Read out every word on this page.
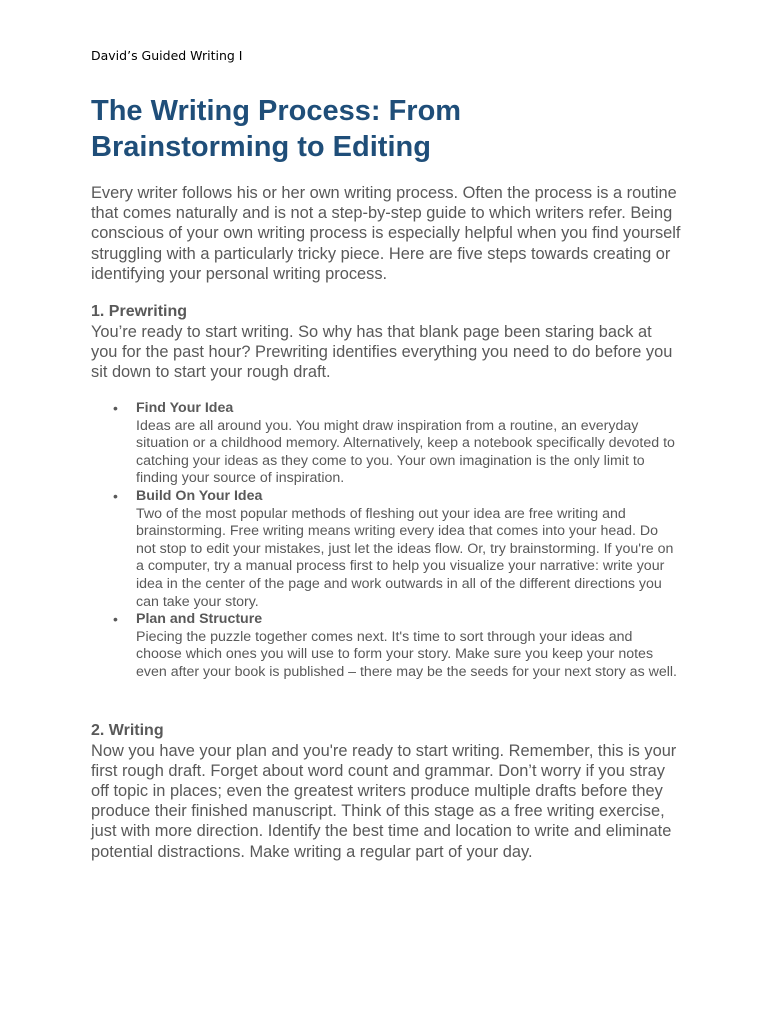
David’s Guided Writing I
The Writing Process: From Brainstorming to Editing

Every writer follows his or her own writing process. Often the process is a routine that comes naturally and is not a step-by-step guide to which writers refer. Being conscious of your own writing process is especially helpful when you find yourself struggling with a particularly tricky piece. Here are five steps towards creating or identifying your personal writing process.

1. Prewriting

You’re ready to start writing. So why has that blank page been staring back at you for the past hour? Prewriting identifies everything you need to do before you sit down to start your rough draft.

• Find Your Idea
Ideas are all around you. You might draw inspiration from a routine, an everyday situation or a childhood memory. Alternatively, keep a notebook specifically devoted to catching your ideas as they come to you. Your own imagination is the only limit to finding your source of inspiration.
• Build On Your Idea
Two of the most popular methods of fleshing out your idea are free writing and brainstorming. Free writing means writing every idea that comes into your head. Do not stop to edit your mistakes, just let the ideas flow. Or, try brainstorming. If you're on a computer, try a manual process first to help you visualize your narrative: write your idea in the center of the page and work outwards in all of the different directions you can take your story.
• Plan and Structure
Piecing the puzzle together comes next. It's time to sort through your ideas and choose which ones you will use to form your story. Make sure you keep your notes even after your book is published – there may be the seeds for your next story as well.
2. Writing

Now you have your plan and you're ready to start writing. Remember, this is your first rough draft. Forget about word count and grammar. Don’t worry if you stray off topic in places; even the greatest writers produce multiple drafts before they produce their finished manuscript. Think of this stage as a free writing exercise, just with more direction. Identify the best time and location to write and eliminate potential distractions. Make writing a regular part of your day.
